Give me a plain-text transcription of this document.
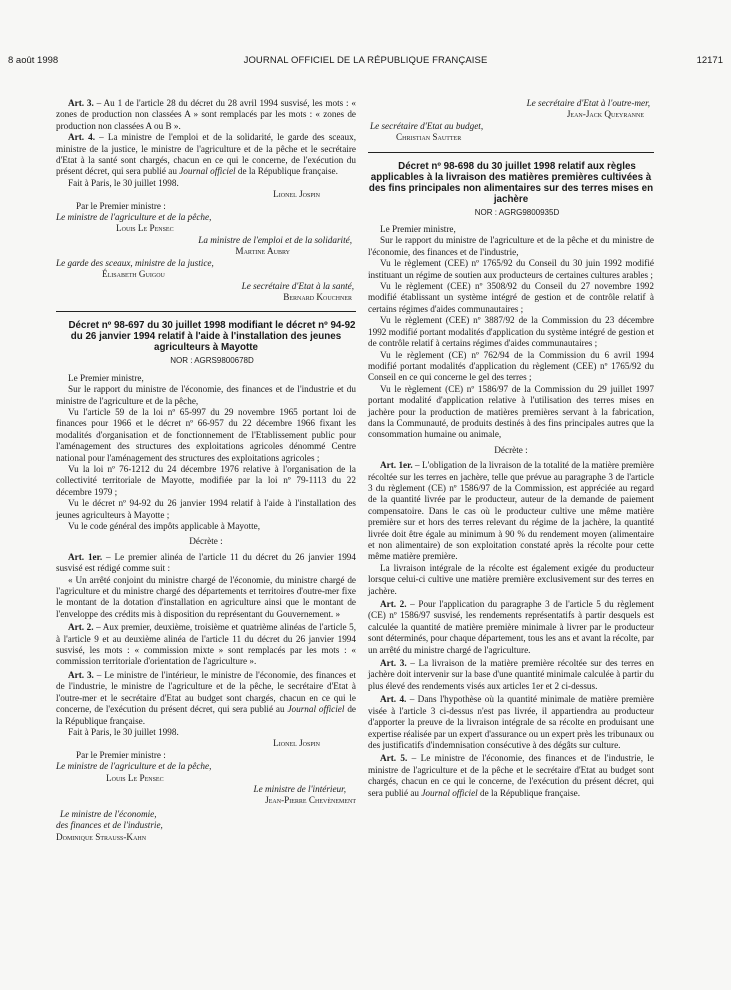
8 août 1998	JOURNAL OFFICIEL DE LA RÉPUBLIQUE FRANÇAISE	12171

Art. 3. – Au 1 de l'article 28 du décret du 28 avril 1994 susvisé, les mots : « zones de production non classées A » sont remplacés par les mots : « zones de production non classées A ou B ».

Art. 4. – La ministre de l'emploi et de la solidarité, le garde des sceaux, ministre de la justice, le ministre de l'agriculture et de la pêche et le secrétaire d'Etat à la santé sont chargés, chacun en ce qui le concerne, de l'exécution du présent décret, qui sera publié au Journal officiel de la République française.

Fait à Paris, le 30 juillet 1998.

Lionel Jospin

Par le Premier ministre :

Le ministre de l'agriculture et de la pêche,

Louis Le Pensec

La ministre de l'emploi et de la solidarité,

Martine Aubry

Le garde des sceaux, ministre de la justice,

Élisabeth Guigou

Le secrétaire d'Etat à la santé,

Bernard Kouchner

Décret nº 98-697 du 30 juillet 1998 modifiant le décret nº 94-92 du 26 janvier 1994 relatif à l'aide à l'installation des jeunes agriculteurs à Mayotte

NOR : AGRS9800678D

Le Premier ministre,

Sur le rapport du ministre de l'économie, des finances et de l'industrie et du ministre de l'agriculture et de la pêche,

Vu l'article 59 de la loi nº 65-997 du 29 novembre 1965 portant loi de finances pour 1966 et le décret nº 66-957 du 22 décembre 1966 fixant les modalités d'organisation et de fonctionnement de l'Etablissement public pour l'aménagement des structures des exploitations agricoles dénommé Centre national pour l'aménagement des structures des exploitations agricoles ;

Vu la loi nº 76-1212 du 24 décembre 1976 relative à l'organisation de la collectivité territoriale de Mayotte, modifiée par la loi nº 79-1113 du 22 décembre 1979 ;

Vu le décret nº 94-92 du 26 janvier 1994 relatif à l'aide à l'installation des jeunes agriculteurs à Mayotte ;

Vu le code général des impôts applicable à Mayotte,

Décrète :

Art. 1er. – Le premier alinéa de l'article 11 du décret du 26 janvier 1994 susvisé est rédigé comme suit :

« Un arrêté conjoint du ministre chargé de l'économie, du ministre chargé de l'agriculture et du ministre chargé des départements et territoires d'outre-mer fixe le montant de la dotation d'installation en agriculture ainsi que le montant de l'enveloppe des crédits mis à disposition du représentant du Gouvernement. »

Art. 2. – Aux premier, deuxième, troisième et quatrième alinéas de l'article 5, à l'article 9 et au deuxième alinéa de l'article 11 du décret du 26 janvier 1994 susvisé, les mots : « commission mixte » sont remplacés par les mots : « commission territoriale d'orientation de l'agriculture ».

Art. 3. – Le ministre de l'intérieur, le ministre de l'économie, des finances et de l'industrie, le ministre de l'agriculture et de la pêche, le secrétaire d'Etat à l'outre-mer et le secrétaire d'Etat au budget sont chargés, chacun en ce qui le concerne, de l'exécution du présent décret, qui sera publié au Journal officiel de la République française.

Fait à Paris, le 30 juillet 1998.

Lionel Jospin

Par le Premier ministre :

Le ministre de l'agriculture et de la pêche,

Louis Le Pensec

Le ministre de l'intérieur,

Jean-Pierre Chevènement

Le ministre de l'économie,

des finances et de l'industrie,

Dominique Strauss-Kahn

Le secrétaire d'Etat à l'outre-mer,

Jean-Jack Queyranne

Le secrétaire d'Etat au budget,

Christian Sautter

Décret nº 98-698 du 30 juillet 1998 relatif aux règles applicables à la livraison des matières premières cultivées à des fins principales non alimentaires sur des terres mises en jachère

NOR : AGRG9800935D

Le Premier ministre,

Sur le rapport du ministre de l'agriculture et de la pêche et du ministre de l'économie, des finances et de l'industrie,

Vu le règlement (CEE) nº 1765/92 du Conseil du 30 juin 1992 modifié instituant un régime de soutien aux producteurs de certaines cultures arables ;

Vu le règlement (CEE) nº 3508/92 du Conseil du 27 novembre 1992 modifié établissant un système intégré de gestion et de contrôle relatif à certains régimes d'aides communautaires ;

Vu le règlement (CEE) nº 3887/92 de la Commission du 23 décembre 1992 modifié portant modalités d'application du système intégré de gestion et de contrôle relatif à certains régimes d'aides communautaires ;

Vu le règlement (CE) nº 762/94 de la Commission du 6 avril 1994 modifié portant modalités d'application du règlement (CEE) nº 1765/92 du Conseil en ce qui concerne le gel des terres ;

Vu le règlement (CE) nº 1586/97 de la Commission du 29 juillet 1997 portant modalité d'application relative à l'utilisation des terres mises en jachère pour la production de matières premières servant à la fabrication, dans la Communauté, de produits destinés à des fins principales autres que la consommation humaine ou animale,

Décrète :

Art. 1er. – L'obligation de la livraison de la totalité de la matière première récoltée sur les terres en jachère, telle que prévue au paragraphe 3 de l'article 3 du règlement (CE) nº 1586/97 de la Commission, est appréciée au regard de la quantité livrée par le producteur, auteur de la demande de paiement compensatoire. Dans le cas où le producteur cultive une même matière première sur et hors des terres relevant du régime de la jachère, la quantité livrée doit être égale au minimum à 90 % du rendement moyen (alimentaire et non alimentaire) de son exploitation constaté après la récolte pour cette même matière première.

La livraison intégrale de la récolte est également exigée du producteur lorsque celui-ci cultive une matière première exclusivement sur des terres en jachère.

Art. 2. – Pour l'application du paragraphe 3 de l'article 5 du règlement (CE) nº 1586/97 susvisé, les rendements représentatifs à partir desquels est calculée la quantité de matière première minimale à livrer par le producteur sont déterminés, pour chaque département, tous les ans et avant la récolte, par un arrêté du ministre chargé de l'agriculture.

Art. 3. – La livraison de la matière première récoltée sur des terres en jachère doit intervenir sur la base d'une quantité minimale calculée à partir du plus élevé des rendements visés aux articles 1er et 2 ci-dessus.

Art. 4. – Dans l'hypothèse où la quantité minimale de matière première visée à l'article 3 ci-dessus n'est pas livrée, il appartiendra au producteur d'apporter la preuve de la livraison intégrale de sa récolte en produisant une expertise réalisée par un expert d'assurance ou un expert près les tribunaux ou des justificatifs d'indemnisation consécutive à des dégâts sur culture.

Art. 5. – Le ministre de l'économie, des finances et de l'industrie, le ministre de l'agriculture et de la pêche et le secrétaire d'Etat au budget sont chargés, chacun en ce qui le concerne, de l'exécution du présent décret, qui sera publié au Journal officiel de la République française.
